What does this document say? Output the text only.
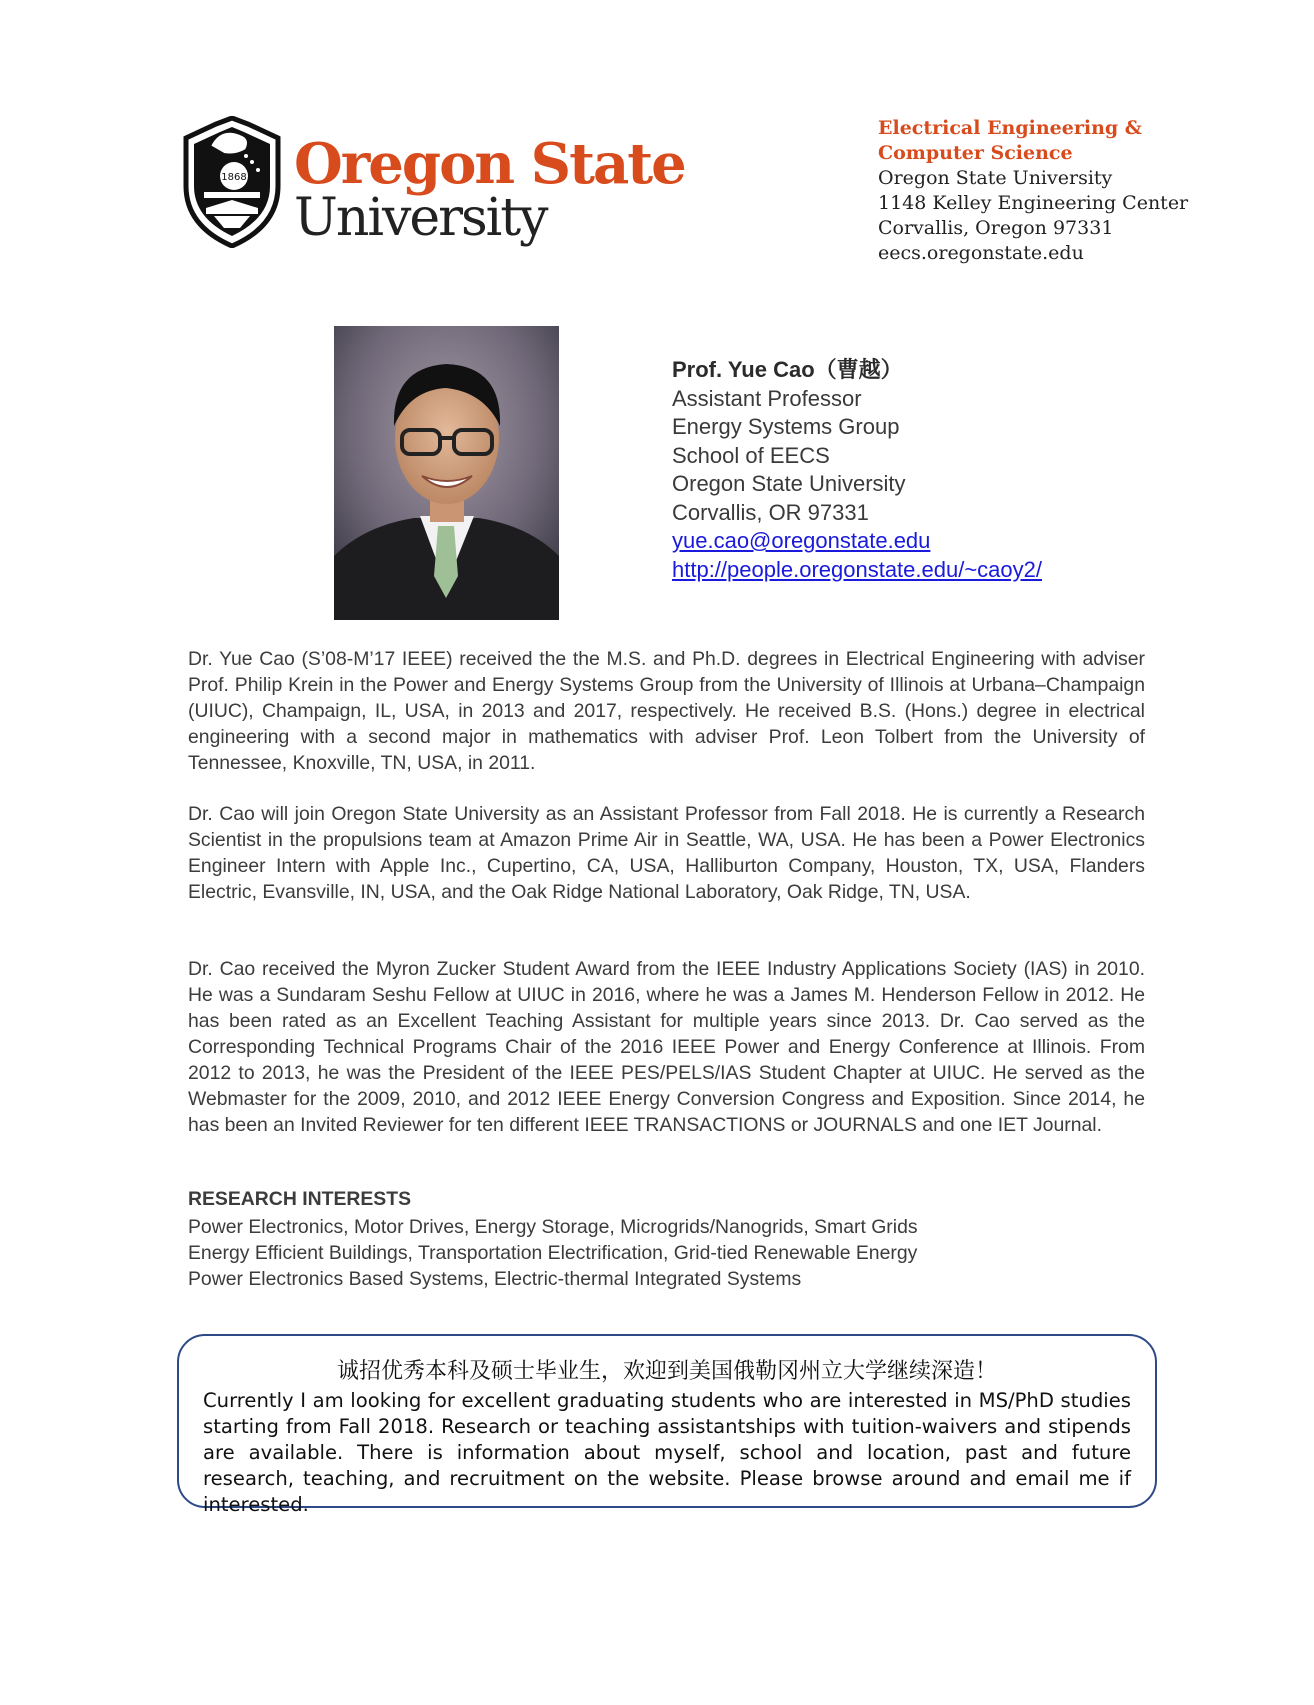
1868 Oregon State
University
Electrical Engineering &
Computer Science
Oregon State University
1148 Kelley Engineering Center
Corvallis, Oregon 97331
eecs.oregonstate.edu
Prof. Yue Cao（曹越）
Assistant Professor
Energy Systems Group
School of EECS
Oregon State University
Corvallis, OR 97331
yue.cao@oregonstate.edu
http://people.oregonstate.edu/~caoy2/
Dr. Yue Cao (S’08-M’17 IEEE) received the the M.S. and Ph.D. degrees in Electrical Engineering with adviser Prof. Philip Krein in the Power and Energy Systems Group from the University of Illinois at Urbana–Champaign (UIUC), Champaign, IL, USA, in 2013 and 2017, respectively. He received B.S. (Hons.) degree in electrical engineering with a second major in mathematics with adviser Prof. Leon Tolbert from the University of Tennessee, Knoxville, TN, USA, in 2011.
Dr. Cao will join Oregon State University as an Assistant Professor from Fall 2018. He is currently a Research Scientist in the propulsions team at Amazon Prime Air in Seattle, WA, USA. He has been a Power Electronics Engineer Intern with Apple Inc., Cupertino, CA, USA, Halliburton Company, Houston, TX, USA, Flanders Electric, Evansville, IN, USA, and the Oak Ridge National Laboratory, Oak Ridge, TN, USA.
Dr. Cao received the Myron Zucker Student Award from the IEEE Industry Applications Society (IAS) in 2010. He was a Sundaram Seshu Fellow at UIUC in 2016, where he was a James M. Henderson Fellow in 2012. He has been rated as an Excellent Teaching Assistant for multiple years since 2013. Dr. Cao served as the Corresponding Technical Programs Chair of the 2016 IEEE Power and Energy Conference at Illinois. From 2012 to 2013, he was the President of the IEEE PES/PELS/IAS Student Chapter at UIUC. He served as the Webmaster for the 2009, 2010, and 2012 IEEE Energy Conversion Congress and Exposition. Since 2014, he has been an Invited Reviewer for ten different IEEE TRANSACTIONS or JOURNALS and one IET Journal.
RESEARCH INTERESTS
Power Electronics, Motor Drives, Energy Storage, Microgrids/Nanogrids, Smart Grids
Energy Efficient Buildings, Transportation Electrification, Grid-tied Renewable Energy
Power Electronics Based Systems, Electric-thermal Integrated Systems
诚招优秀本科及硕士毕业生，欢迎到美国俄勒冈州立大学继续深造！
Currently I am looking for excellent graduating students who are interested in MS/PhD studies starting from Fall 2018. Research or teaching assistantships with tuition-waivers and stipends are available. There is information about myself, school and location, past and future research, teaching, and recruitment on the website. Please browse around and email me if interested.
